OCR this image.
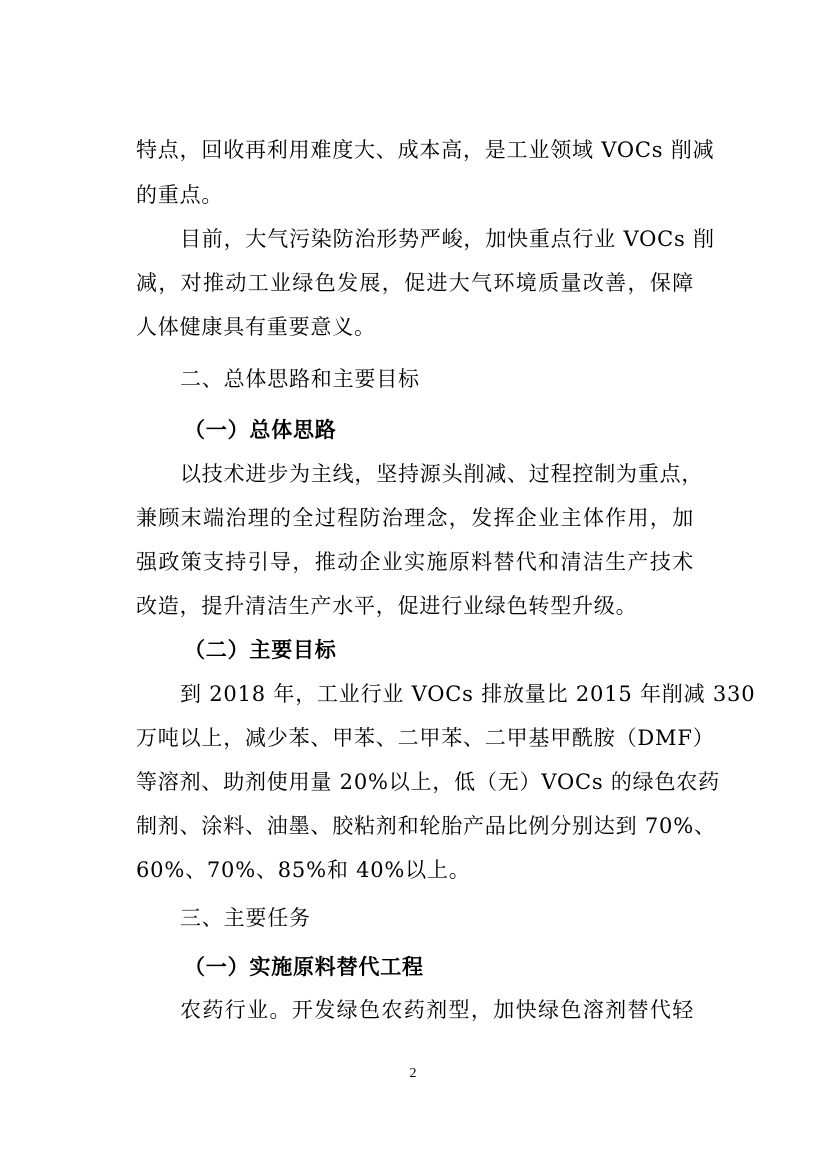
特点，回收再利用难度大、成本高，是工业领域 VOCs 削减
的重点。
目前，大气污染防治形势严峻，加快重点行业 VOCs 削
减，对推动工业绿色发展，促进大气环境质量改善，保障
人体健康具有重要意义。
二、总体思路和主要目标
（一）总体思路
以技术进步为主线，坚持源头削减、过程控制为重点，
兼顾末端治理的全过程防治理念，发挥企业主体作用，加
强政策支持引导，推动企业实施原料替代和清洁生产技术
改造，提升清洁生产水平，促进行业绿色转型升级。
（二）主要目标
到 2018 年，工业行业 VOCs 排放量比 2015 年削减 330
万吨以上，减少苯、甲苯、二甲苯、二甲基甲酰胺（DMF）
等溶剂、助剂使用量 20%以上，低（无）VOCs 的绿色农药
制剂、涂料、油墨、胶粘剂和轮胎产品比例分别达到 70%、
60%、70%、85%和 40%以上。
三、主要任务
（一）实施原料替代工程
农药行业。开发绿色农药剂型，加快绿色溶剂替代轻
2
